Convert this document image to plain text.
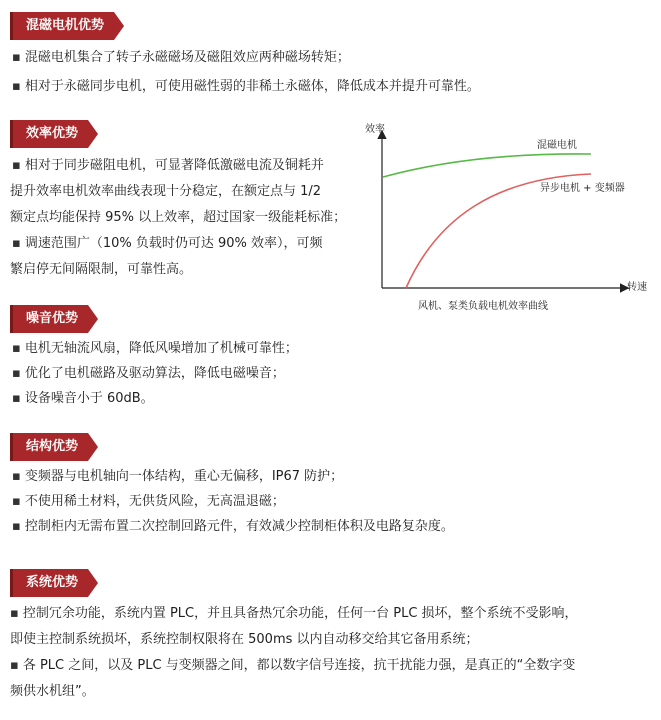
混磁电机优势
▪ 混磁电机集合了转子永磁磁场及磁阻效应两种磁场转矩；
▪ 相对于永磁同步电机，可使用磁性弱的非稀土永磁体，降低成本并提升可靠性。
效率优势
▪ 相对于同步磁阻电机，可显著降低激磁电流及铜耗并
提升效率电机效率曲线表现十分稳定，在额定点与 1/2
额定点均能保持 95% 以上效率，超过国家一级能耗标准；
▪ 调速范围广（10% 负载时仍可达 90% 效率），可频
繁启停无间隔限制，可靠性高。
效率
转速
混磁电机
异步电机 + 变频器
风机、泵类负载电机效率曲线
噪音优势
▪ 电机无轴流风扇，降低风噪增加了机械可靠性；
▪ 优化了电机磁路及驱动算法，降低电磁噪音；
▪ 设备噪音小于 60dB。
结构优势
▪ 变频器与电机轴向一体结构，重心无偏移，IP67 防护；
▪ 不使用稀土材料，无供货风险，无高温退磁；
▪ 控制柜内无需布置二次控制回路元件，有效减少控制柜体积及电路复杂度。
系统优势
▪ 控制冗余功能，系统内置 PLC，并且具备热冗余功能，任何一台 PLC 损坏，整个系统不受影响，
即使主控制系统损坏，系统控制权限将在 500ms 以内自动移交给其它备用系统；
▪ 各 PLC 之间，以及 PLC 与变频器之间，都以数字信号连接，抗干扰能力强，是真正的“全数字变
频供水机组”。
